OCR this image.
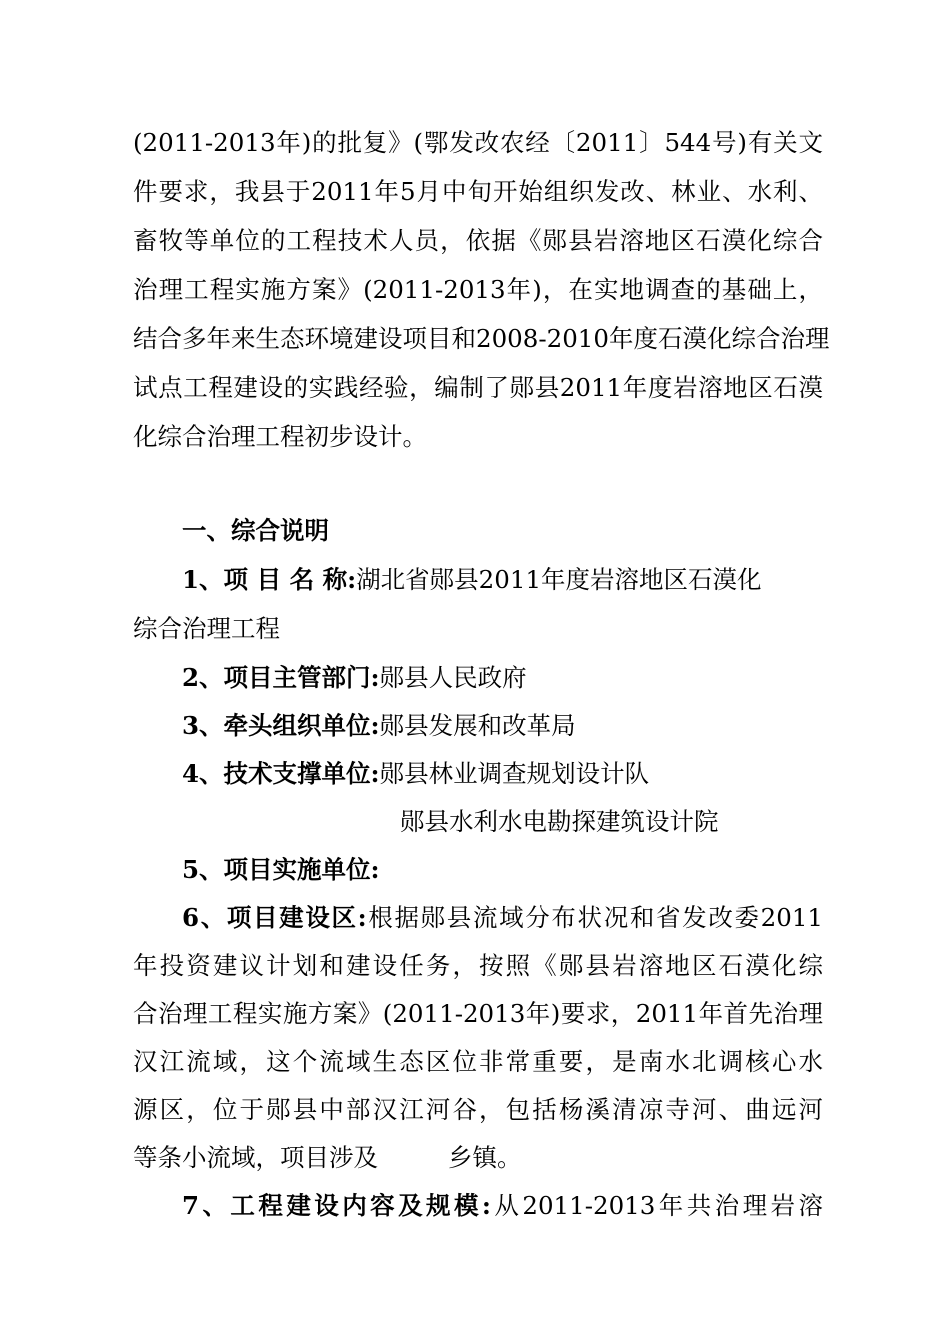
(2011-2013年)的批复》(鄂发改农经〔2011〕544号)有关文
件要求，我县于2011年5月中旬开始组织发改、林业、水利、
畜牧等单位的工程技术人员，依据《郧县岩溶地区石漠化综合
治理工程实施方案》(2011-2013年)，在实地调查的基础上，
结合多年来生态环境建设项目和2008-2010年度石漠化综合治理
试点工程建设的实践经验，编制了郧县2011年度岩溶地区石漠
化综合治理工程初步设计。
一、综合说明
1、项 目 名 称:湖北省郧县2011年度岩溶地区石漠化
综合治理工程
2、项目主管部门:郧县人民政府
3、牵头组织单位:郧县发展和改革局
4、技术支撑单位:郧县林业调查规划设计队
郧县水利水电勘探建筑设计院
5、项目实施单位:
6、项目建设区:根据郧县流域分布状况和省发改委2011
年投资建议计划和建设任务，按照《郧县岩溶地区石漠化综
合治理工程实施方案》(2011-2013年)要求，2011年首先治理
汉江流域，这个流域生态区位非常重要，是南水北调核心水
源区，位于郧县中部汉江河谷，包括杨溪清凉寺河、曲远河
等条小流域，项目涉及	乡镇。
7、工程建设内容及规模:从2011-2013年共治理岩溶
